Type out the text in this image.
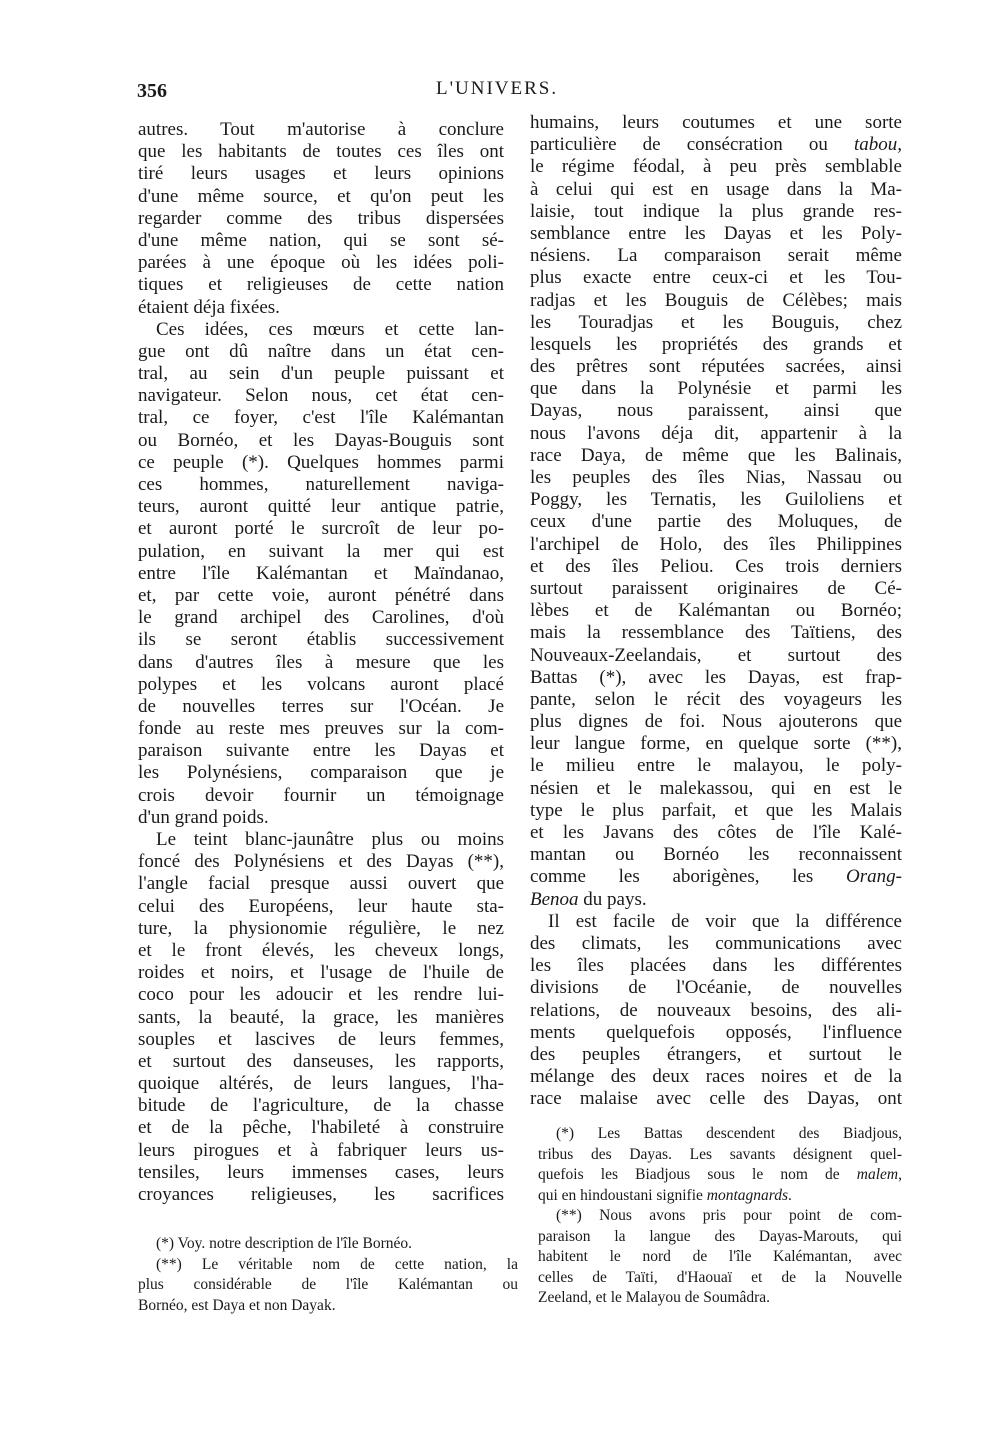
356	L'UNIVERS.
autres. Tout m'autorise à conclure
que les habitants de toutes ces îles ont
tiré leurs usages et leurs opinions
d'une même source, et qu'on peut les
regarder comme des tribus dispersées
d'une même nation, qui se sont sé-
parées à une époque où les idées poli-
tiques et religieuses de cette nation
étaient déja fixées.
Ces idées, ces mœurs et cette lan-
gue ont dû naître dans un état cen-
tral, au sein d'un peuple puissant et
navigateur. Selon nous, cet état cen-
tral, ce foyer, c'est l'île Kalémantan
ou Bornéo, et les Dayas-Bouguis sont
ce peuple (*). Quelques hommes parmi
ces hommes, naturellement naviga-
teurs, auront quitté leur antique patrie,
et auront porté le surcroît de leur po-
pulation, en suivant la mer qui est
entre l'île Kalémantan et Maïndanao,
et, par cette voie, auront pénétré dans
le grand archipel des Carolines, d'où
ils se seront établis successivement
dans d'autres îles à mesure que les
polypes et les volcans auront placé
de nouvelles terres sur l'Océan. Je
fonde au reste mes preuves sur la com-
paraison suivante entre les Dayas et
les Polynésiens, comparaison que je
crois devoir fournir un témoignage
d'un grand poids.
Le teint blanc-jaunâtre plus ou moins
foncé des Polynésiens et des Dayas (**),
l'angle facial presque aussi ouvert que
celui des Européens, leur haute sta-
ture, la physionomie régulière, le nez
et le front élevés, les cheveux longs,
roides et noirs, et l'usage de l'huile de
coco pour les adoucir et les rendre lui-
sants, la beauté, la grace, les manières
souples et lascives de leurs femmes,
et surtout des danseuses, les rapports,
quoique altérés, de leurs langues, l'ha-
bitude de l'agriculture, de la chasse
et de la pêche, l'habileté à construire
leurs pirogues et à fabriquer leurs us-
tensiles, leurs immenses cases, leurs
croyances religieuses, les sacrifices
humains, leurs coutumes et une sorte
particulière de consécration ou tabou,
le régime féodal, à peu près semblable
à celui qui est en usage dans la Ma-
laisie, tout indique la plus grande res-
semblance entre les Dayas et les Poly-
nésiens. La comparaison serait même
plus exacte entre ceux-ci et les Tou-
radjas et les Bouguis de Célèbes; mais
les Touradjas et les Bouguis, chez
lesquels les propriétés des grands et
des prêtres sont réputées sacrées, ainsi
que dans la Polynésie et parmi les
Dayas, nous paraissent, ainsi que
nous l'avons déja dit, appartenir à la
race Daya, de même que les Balinais,
les peuples des îles Nias, Nassau ou
Poggy, les Ternatis, les Guiloliens et
ceux d'une partie des Moluques, de
l'archipel de Holo, des îles Philippines
et des îles Peliou. Ces trois derniers
surtout paraissent originaires de Cé-
lèbes et de Kalémantan ou Bornéo;
mais la ressemblance des Taïtiens, des
Nouveaux-Zeelandais, et surtout des
Battas (*), avec les Dayas, est frap-
pante, selon le récit des voyageurs les
plus dignes de foi. Nous ajouterons que
leur langue forme, en quelque sorte (**),
le milieu entre le malayou, le poly-
nésien et le malekassou, qui en est le
type le plus parfait, et que les Malais
et les Javans des côtes de l'île Kalé-
mantan ou Bornéo les reconnaissent
comme les aborigènes, les Orang-
Benoa du pays.
Il est facile de voir que la différence
des climats, les communications avec
les îles placées dans les différentes
divisions de l'Océanie, de nouvelles
relations, de nouveaux besoins, des ali-
ments quelquefois opposés, l'influence
des peuples étrangers, et surtout le
mélange des deux races noires et de la
race malaise avec celle des Dayas, ont
(*) Voy. notre description de l'île Bornéo.
(**) Le véritable nom de cette nation, la
plus considérable de l'île Kalémantan ou
Bornéo, est Daya et non Dayak.
(*) Les Battas descendent des Biadjous,
tribus des Dayas. Les savants désignent quel-
quefois les Biadjous sous le nom de malem,
qui en hindoustani signifie montagnards.
(**) Nous avons pris pour point de com-
paraison la langue des Dayas-Marouts, qui
habitent le nord de l'île Kalémantan, avec
celles de Taïti, d'Haouaï et de la Nouvelle
Zeeland, et le Malayou de Soumâdra.
